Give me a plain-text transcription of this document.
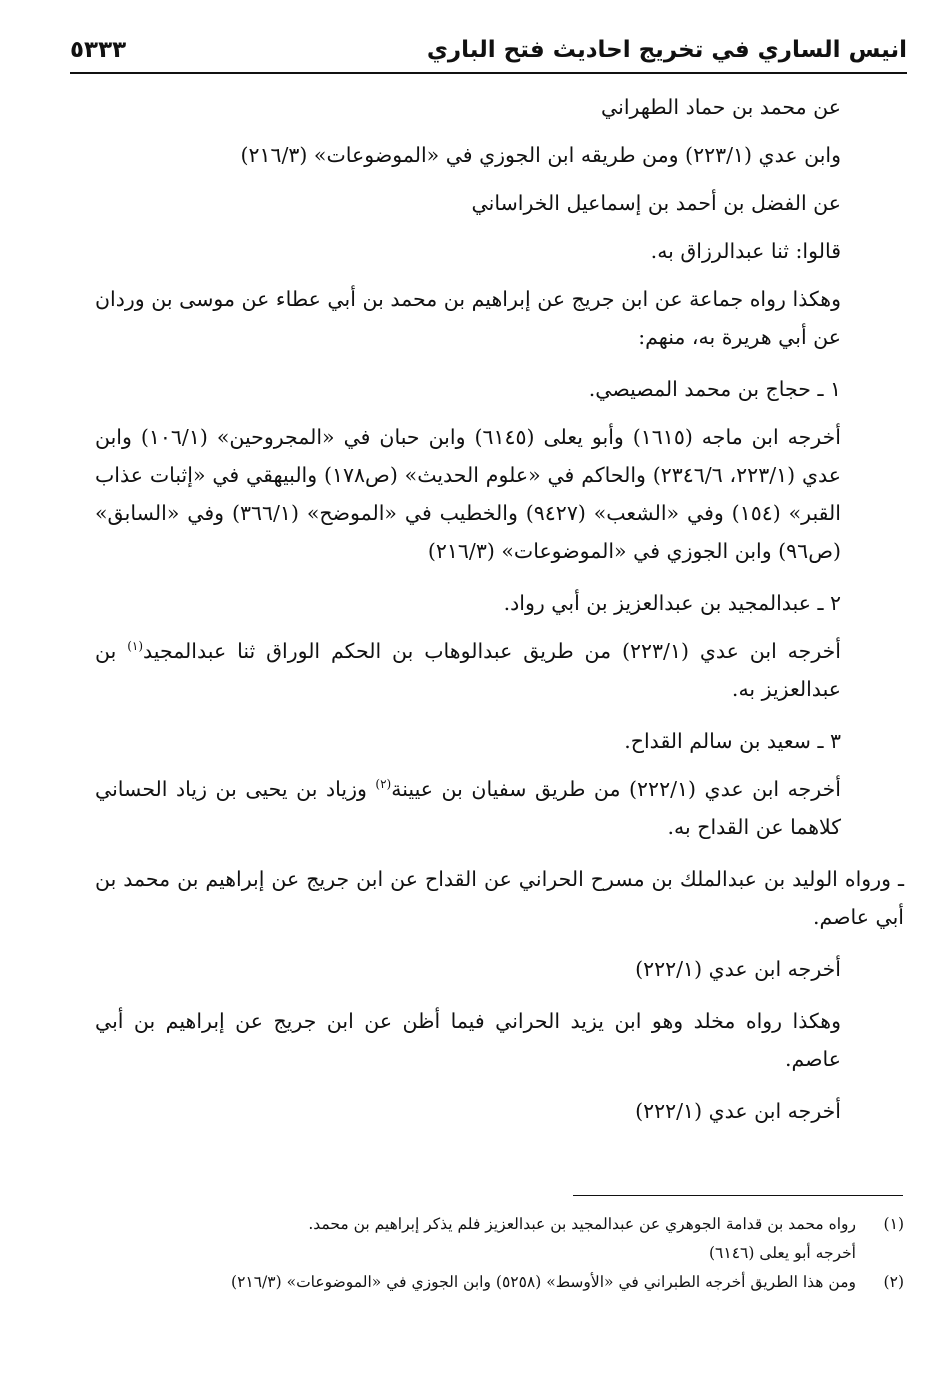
٥٣٣٣	انيس الساري في تخريج احاديث فتح الباري

عن محمد بن حماد الطهراني

وابن عدي (٢٢٣/١) ومن طريقه ابن الجوزي في «الموضوعات» (٢١٦/٣)

عن الفضل بن أحمد بن إسماعيل الخراساني

قالوا: ثنا عبدالرزاق به.

وهكذا رواه جماعة عن ابن جريج عن إبراهيم بن محمد بن أبي عطاء عن موسى بن وردان عن أبي هريرة به، منهم:

١ ـ حجاج بن محمد المصيصي.

أخرجه ابن ماجه (١٦١٥) وأبو يعلى (٦١٤٥) وابن حبان في «المجروحين» (١٠٦/١) وابن عدي (٢٢٣/١، ٢٣٤٦/٦) والحاكم في «علوم الحديث» (ص١٧٨) والبيهقي في «إثبات عذاب القبر» (١٥٤) وفي «الشعب» (٩٤٢٧) والخطيب في «الموضح» (٣٦٦/١) وفي «السابق» (ص٩٦) وابن الجوزي في «الموضوعات» (٢١٦/٣)

٢ ـ عبدالمجيد بن عبدالعزيز بن أبي رواد.

أخرجه ابن عدي (٢٢٣/١) من طريق عبدالوهاب بن الحكم الوراق ثنا عبدالمجيد$^{(١)}$ بن عبدالعزيز به.

٣ ـ سعيد بن سالم القداح.

أخرجه ابن عدي (٢٢٢/١) من طريق سفيان بن عيينة$^{(٢)}$ وزياد بن يحيى بن زياد الحساني كلاهما عن القداح به.

ـ ورواه الوليد بن عبدالملك بن مسرح الحراني عن القداح عن ابن جريج عن إبراهيم بن محمد بن أبي عاصم.

أخرجه ابن عدي (٢٢٢/١)

وهكذا رواه مخلد وهو ابن يزيد الحراني فيما أظن عن ابن جريج عن إبراهيم بن أبي عاصم.

أخرجه ابن عدي (٢٢٢/١)

(١)
رواه محمد بن قدامة الجوهري عن عبدالمجيد بن عبدالعزيز فلم يذكر إبراهيم بن محمد.
أخرجه أبو يعلى (٦١٤٦)
(٢)
ومن هذا الطريق أخرجه الطبراني في «الأوسط» (٥٢٥٨) وابن الجوزي في «الموضوعات» (٢١٦/٣)
